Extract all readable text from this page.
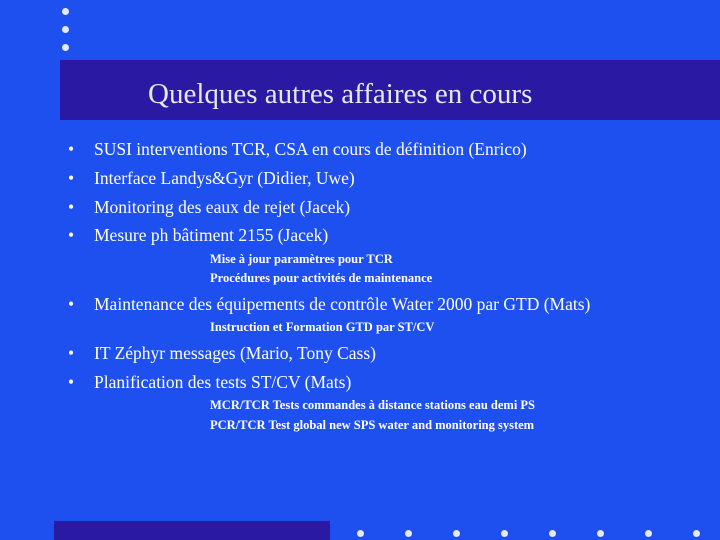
Quelques autres affaires en cours
• SUSI interventions TCR, CSA en cours de définition (Enrico)
• Interface Landys&Gyr (Didier, Uwe)
• Monitoring des eaux de rejet (Jacek)
• Mesure ph bâtiment 2155 (Jacek)
Mise à jour paramètres pour TCR
Procédures pour activités de maintenance
• Maintenance des équipements de contrôle Water 2000 par GTD (Mats)
Instruction et Formation GTD par ST/CV
• IT Zéphyr messages (Mario, Tony Cass)
• Planification des tests ST/CV (Mats)
MCR/TCR Tests commandes à distance stations eau demi PS
PCR/TCR Test global new SPS water and monitoring system
